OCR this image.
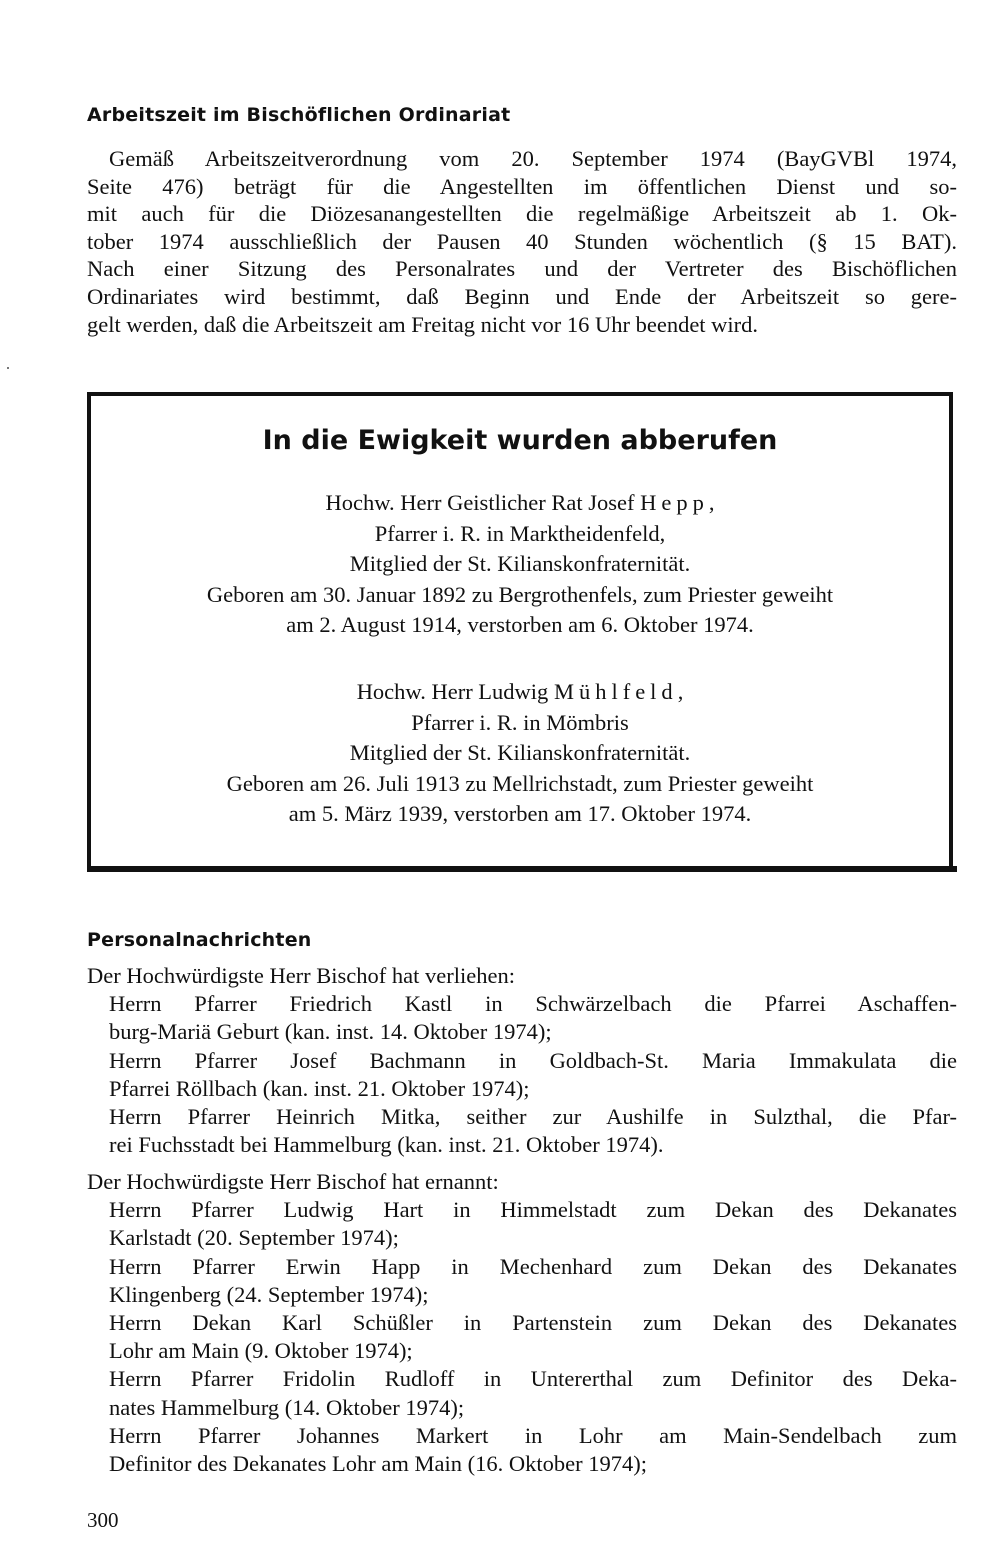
Arbeitszeit im Bischöflichen Ordinariat

Gemäß Arbeitszeitverordnung vom 20. September 1974 (BayGVBl 1974,
Seite 476) beträgt für die Angestellten im öffentlichen Dienst und so-
mit auch für die Diözesanangestellten die regelmäßige Arbeitszeit ab 1. Ok-
tober 1974 ausschließlich der Pausen 40 Stunden wöchentlich (§ 15 BAT).
Nach einer Sitzung des Personalrates und der Vertreter des Bischöflichen
Ordinariates wird bestimmt, daß Beginn und Ende der Arbeitszeit so gere-
gelt werden, daß die Arbeitszeit am Freitag nicht vor 16 Uhr beendet wird.

In die Ewigkeit wurden abberufen
Hochw. Herr Geistlicher Rat Josef Hepp,
Pfarrer i. R. in Marktheidenfeld,
Mitglied der St. Kilianskonfraternität.
Geboren am 30. Januar 1892 zu Bergrothenfels, zum Priester geweiht
am 2. August 1914, verstorben am 6. Oktober 1974.
Hochw. Herr Ludwig Mühlfeld,
Pfarrer i. R. in Mömbris
Mitglied der St. Kilianskonfraternität.
Geboren am 26. Juli 1913 zu Mellrichstadt, zum Priester geweiht
am 5. März 1939, verstorben am 17. Oktober 1974.
Personalnachrichten

Der Hochwürdigste Herr Bischof hat verliehen:

Herrn Pfarrer Friedrich Kastl in Schwärzelbach die Pfarrei Aschaffen-
burg-Mariä Geburt (kan. inst. 14. Oktober 1974);
Herrn Pfarrer Josef Bachmann in Goldbach-St. Maria Immakulata die
Pfarrei Röllbach (kan. inst. 21. Oktober 1974);
Herrn Pfarrer Heinrich Mitka, seither zur Aushilfe in Sulzthal, die Pfar-
rei Fuchsstadt bei Hammelburg (kan. inst. 21. Oktober 1974).

Der Hochwürdigste Herr Bischof hat ernannt:

Herrn Pfarrer Ludwig Hart in Himmelstadt zum Dekan des Dekanates
Karlstadt (20. September 1974);
Herrn Pfarrer Erwin Happ in Mechenhard zum Dekan des Dekanates
Klingenberg (24. September 1974);
Herrn Dekan Karl Schüßler in Partenstein zum Dekan des Dekanates
Lohr am Main (9. Oktober 1974);
Herrn Pfarrer Fridolin Rudloff in Untererthal zum Definitor des Deka-
nates Hammelburg (14. Oktober 1974);
Herrn Pfarrer Johannes Markert in Lohr am Main-Sendelbach zum
Definitor des Dekanates Lohr am Main (16. Oktober 1974);

300
